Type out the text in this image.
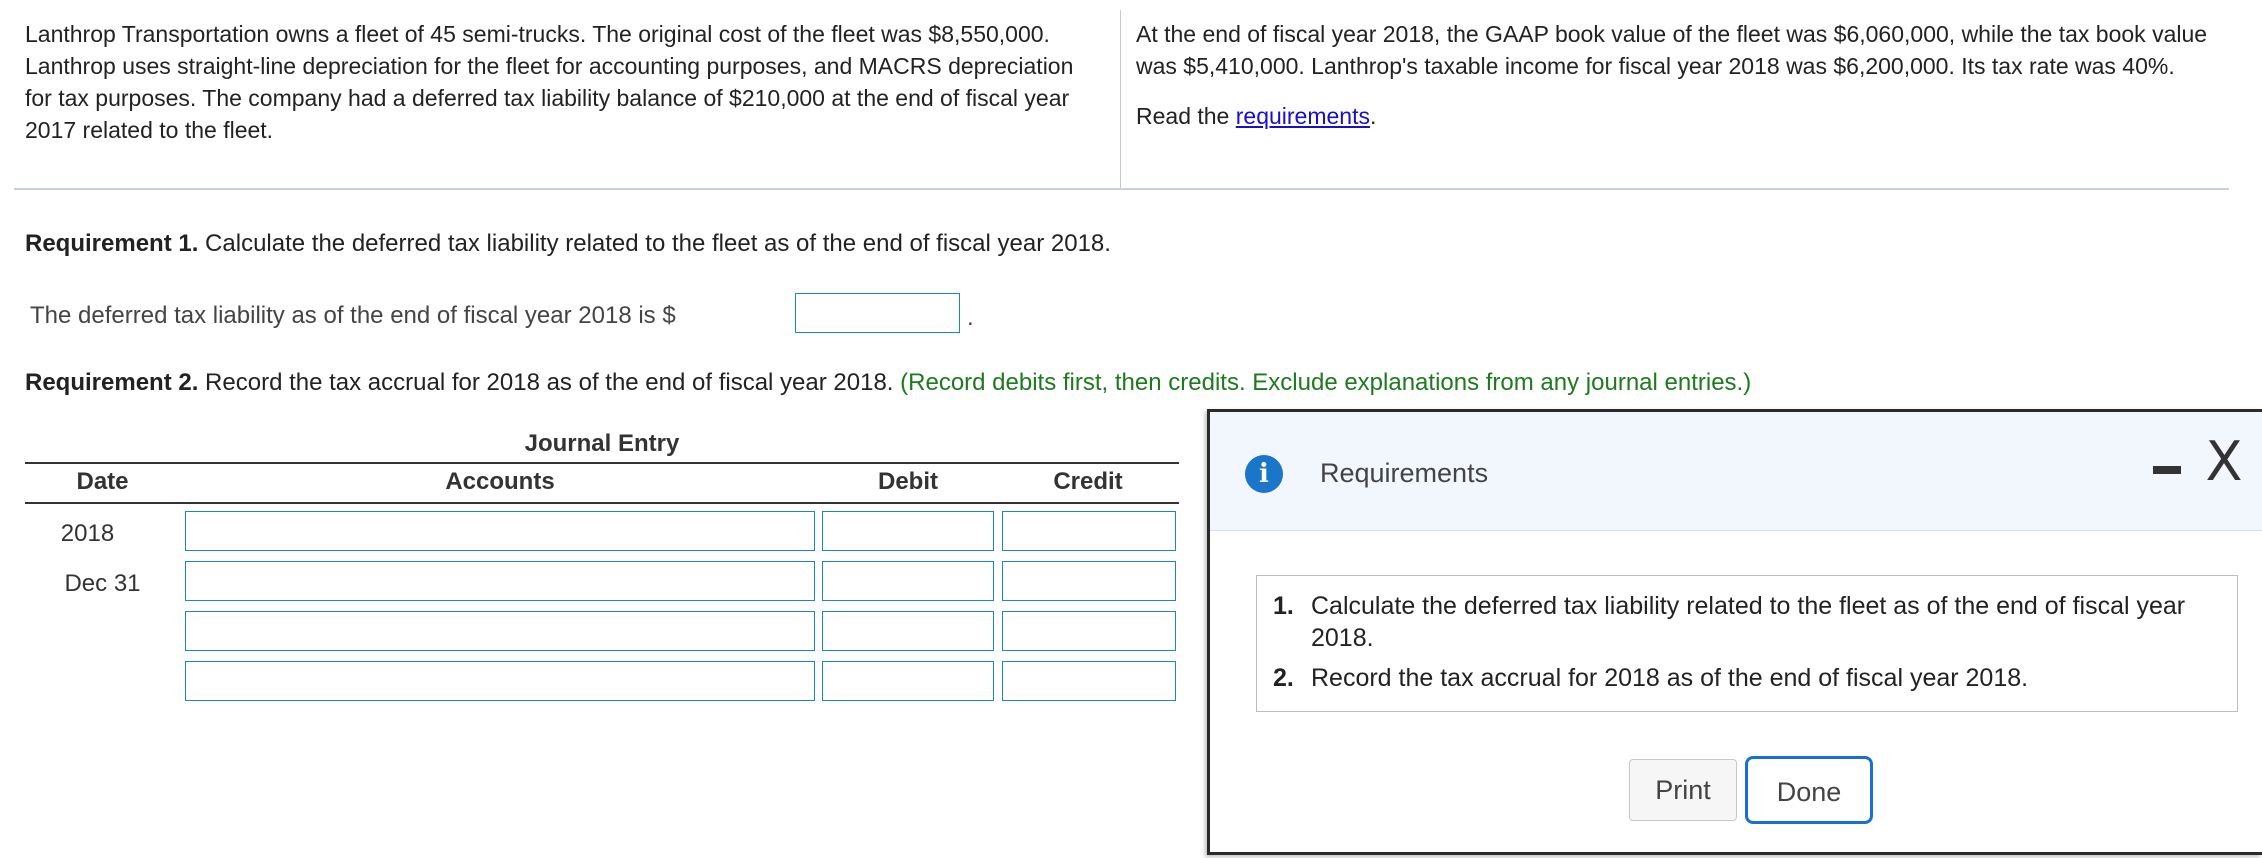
Lanthrop Transportation owns a fleet of 45 semi-trucks. The original cost of the fleet was $8,550,000. Lanthrop uses straight-line depreciation for the fleet for accounting purposes, and MACRS depreciation for tax purposes. The company had a deferred tax liability balance of $210,000 at the end of fiscal year 2017 related to the fleet.
At the end of fiscal year 2018, the GAAP book value of the fleet was $6,060,000, while the tax book value was $5,410,000. Lanthrop's taxable income for fiscal year 2018 was $6,200,000. Its tax rate was 40%.
Read the requirements.
Requirement 1. Calculate the deferred tax liability related to the fleet as of the end of fiscal year 2018.
The deferred tax liability as of the end of fiscal year 2018 is $	.
Requirement 2. Record the tax accrual for 2018 as of the end of fiscal year 2018. (Record debits first, then credits. Exclude explanations from any journal entries.)
Journal Entry
Date	Accounts	Debit	Credit
2018
Dec 31
i	Requirements	X
1. Calculate the deferred tax liability related to the fleet as of the end of fiscal year 2018.
2. Record the tax accrual for 2018 as of the end of fiscal year 2018.
Print	Done
